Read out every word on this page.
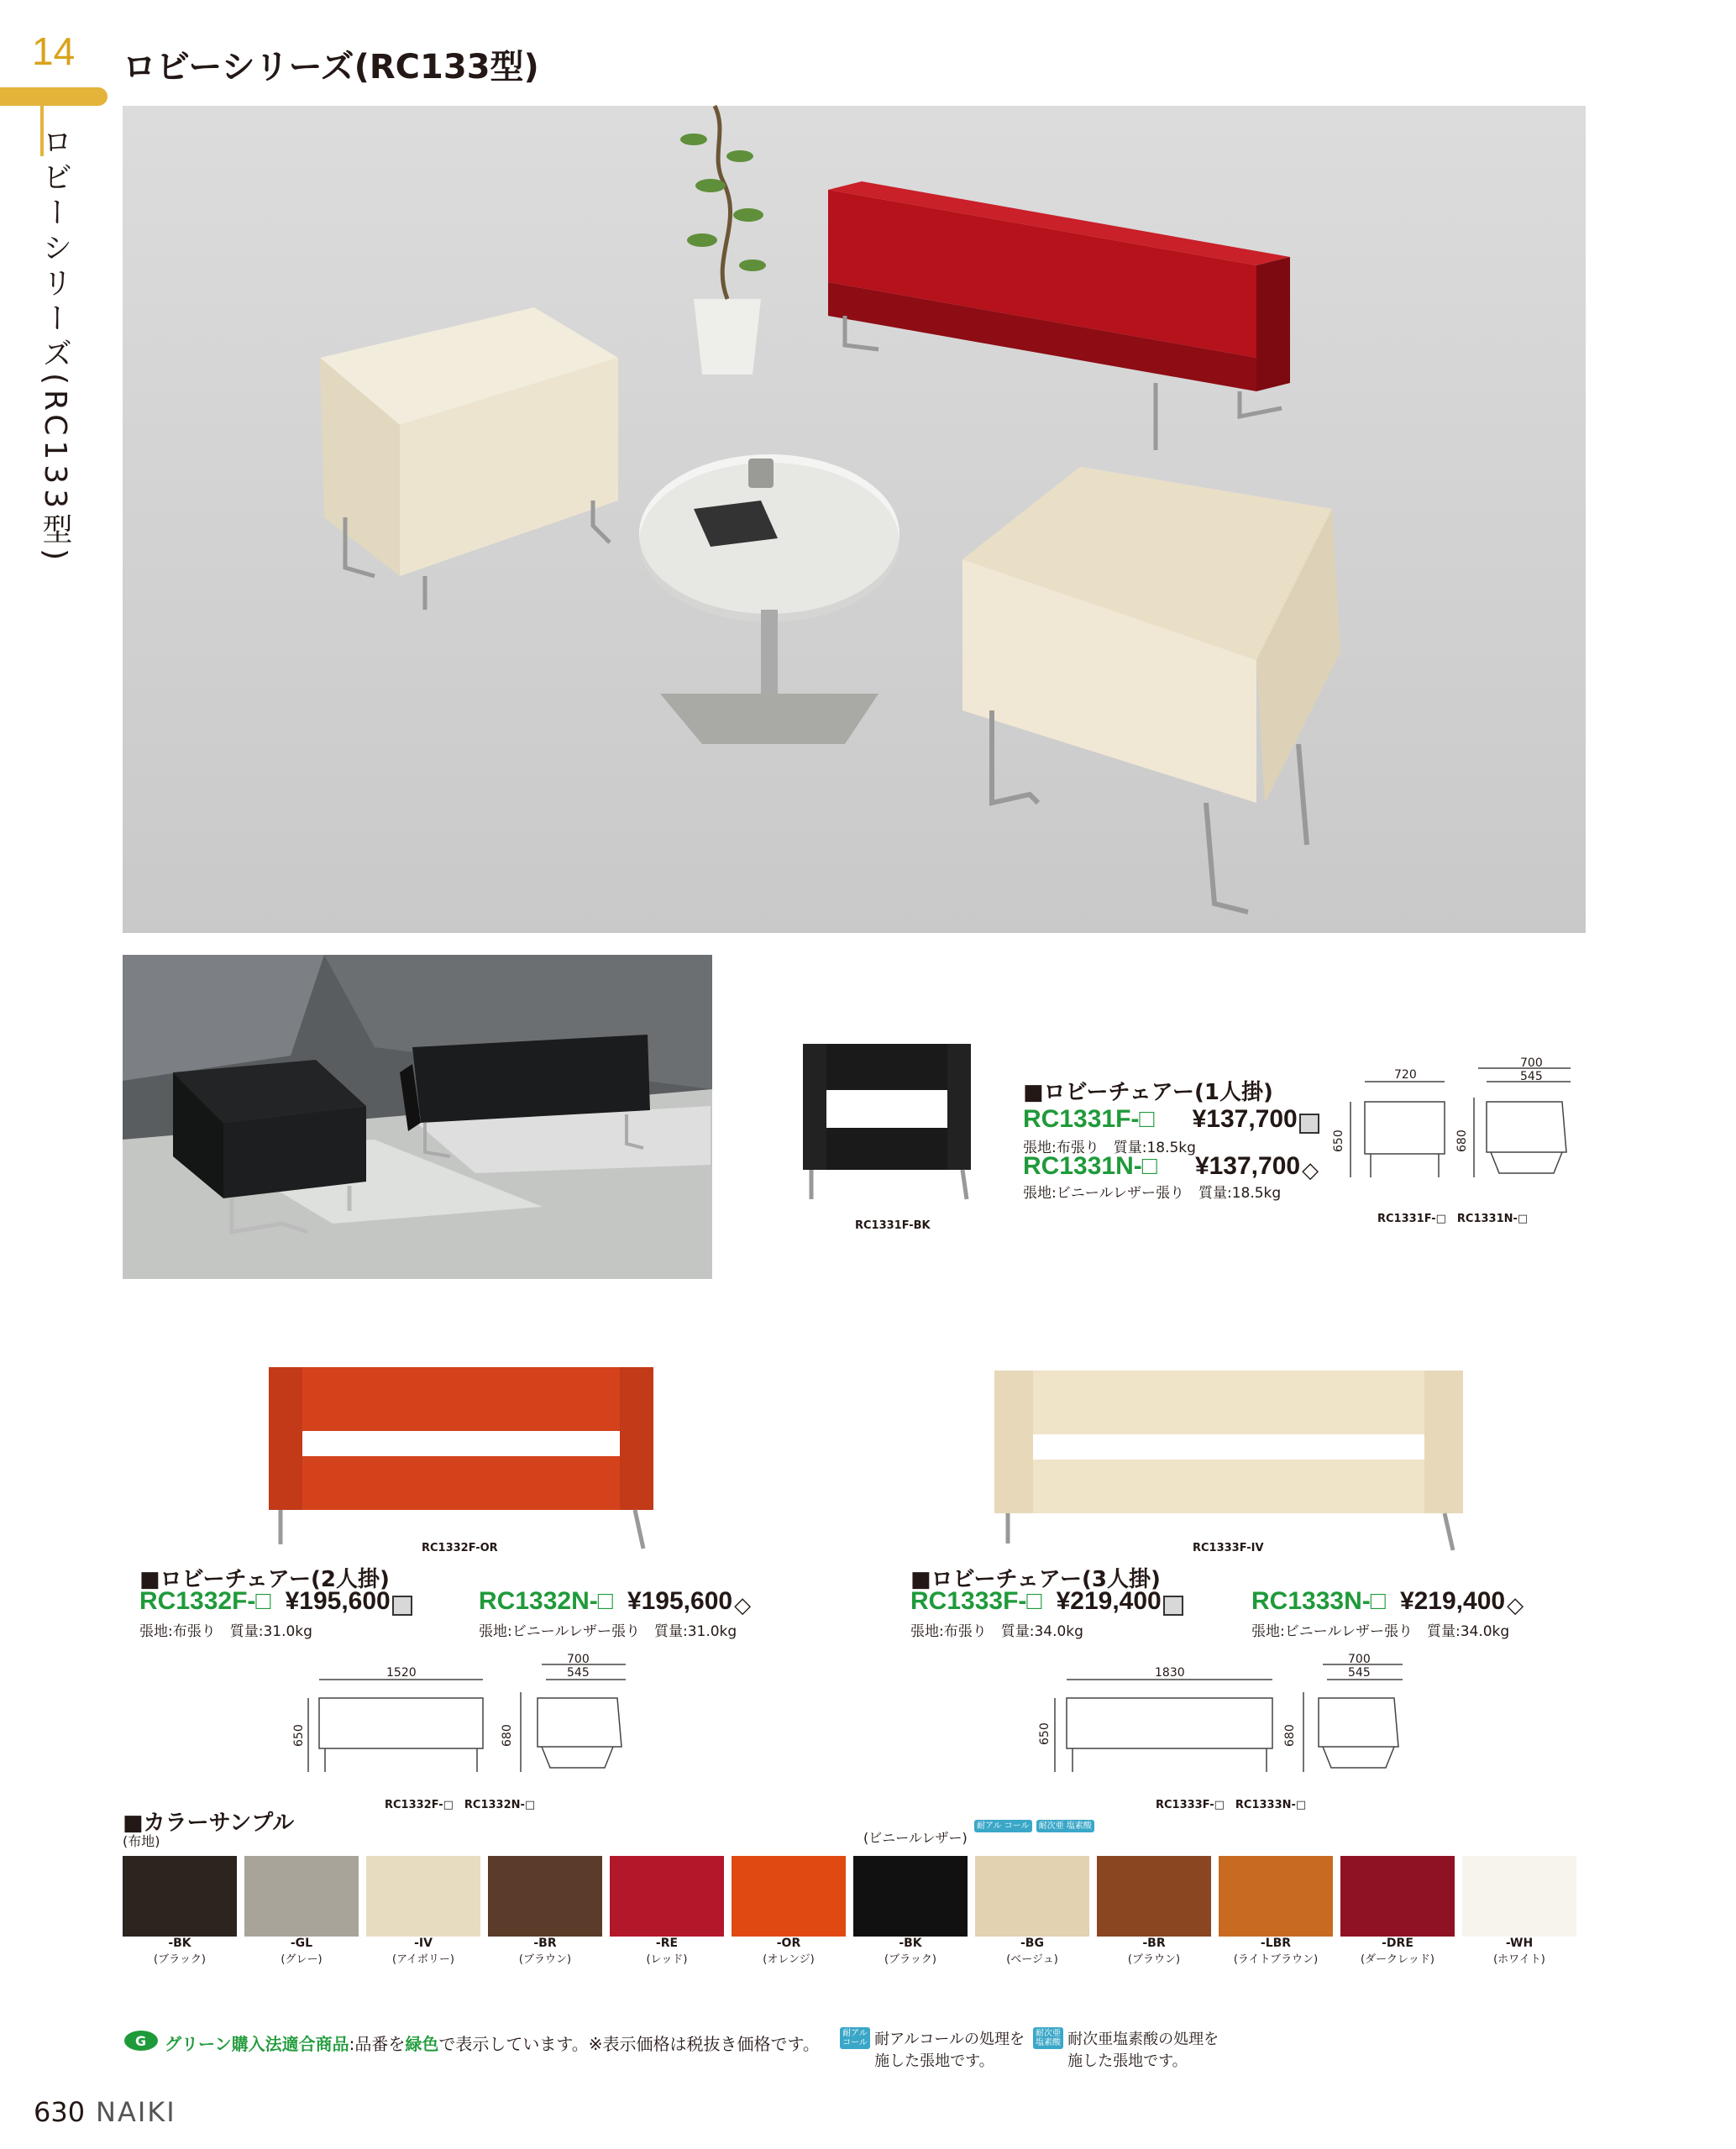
14
ロビーシリーズ(RC133型)
ロビーシリーズ(RC133型)
RC1331F-BK
■ロビーチェアー(1人掛)
RC1331F-□ ¥137,700
張地:布張り　質量:18.5kg
RC1331N-□ ¥137,700◇
張地:ビニールレザー張り　質量:18.5kg
720
700
545
650	680
RC1331F-□　RC1331N-□
RC1332F-OR
■ロビーチェアー(2人掛)
RC1332F-□ ¥195,600
張地:布張り　質量:31.0kg
RC1332N-□ ¥195,600◇
張地:ビニールレザー張り　質量:31.0kg
1520
700
545
650	680
RC1332F-□　RC1332N-□
RC1333F-IV
■ロビーチェアー(3人掛)
RC1333F-□ ¥219,400
張地:布張り　質量:34.0kg
RC1333N-□ ¥219,400◇
張地:ビニールレザー張り　質量:34.0kg
1830
700
545
650	680
RC1333F-□　RC1333N-□
■カラーサンプル
(布地)	(ビニールレザー)
耐アル コール 耐次亜 塩素酸
-BK
(ブラック)
-GL
(グレー)
-IV
(アイボリー)
-BR
(ブラウン)
-RE
(レッド)
-OR
(オレンジ)
-BK
(ブラック)
-BG
(ベージュ)
-BR
(ブラウン)
-LBR
(ライトブラウン)
-DRE
(ダークレッド)
-WH
(ホワイト)
G グリーン購入法適合商品:品番を緑色で表示しています。※表示価格は税抜き価格です。
耐アル コール 耐アルコールの処理を 施した張地です。
耐次亜 塩素酸 耐次亜塩素酸の処理を 施した張地です。
630 NAIKI
